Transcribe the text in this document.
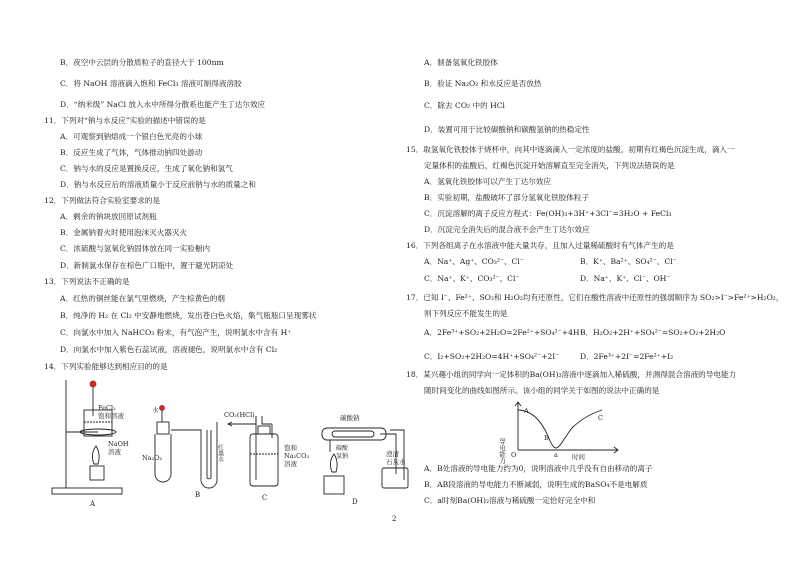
B．夜空中云层的分散质粒子的直径大于 100nm
C．将 NaOH 溶液滴入饱和 FeCl₃ 溶液可制得液溶胶
D．“纳米级” NaCl 放入水中所得分散系也能产生丁达尔效应
11．下列对“钠与水反应”实验的描述中错误的是
A．可观察到钠熔成一个银白色光亮的小球
B．反应生成了气体，气体推动钠四处游动
C．钠与水的反应是置换反应，生成了氧化钠和氢气
D．钠与水反应后的溶液质量小于反应前钠与水的质量之和
12．下列做法符合实验室要求的是
A．剩余的钠块放回原试剂瓶
B．金属钠着火时使用泡沫灭火器灭火
C．浓硫酸与氢氧化钠固体放在同一实验橱内
D．新制氯水保存在棕色广口瓶中，置于避光阴凉处
13．下列说法不正确的是
A．红热的铜丝能在氯气里燃烧，产生棕黄色的烟
B．纯净的 H₂ 在 Cl₂ 中安静地燃烧，发出苍白色火焰，集气瓶瓶口呈现雾状
C．向氯水中加入 NaHCO₃ 粉末，有气泡产生，说明氯水中含有 H⁺
D．向氯水中加入紫色石蕊试液，溶液褪色，说明氯水中含有 Cl₂
14．下列实验能够达到相应目的的是
FeCl₃
饱和溶液
NaOH
溶液
A
水
Na₂O₂	红墨水
B
CO₂(HCl)
饱和
Na₂CO₃
溶液
C
碳酸钠
碳酸
氢钠	澄清
石灰水
D
A．制备氢氧化铁胶体
B．验证 Na₂O₂ 和水反应是否放热
C．除去 CO₂ 中的 HCl
D．装置可用于比较碳酸钠和碳酸氢钠的热稳定性
15．取氢氧化铁胶体于烧杯中，向其中逐滴滴入一定浓度的盐酸，初期有红褐色沉淀生成，滴入一
定量体积的盐酸后，红褐色沉淀开始溶解直至完全消失，下列说法错误的是
A．氢氧化铁胶体可以产生丁达尔效应
B．实验初期，盐酸破坏了部分氢氧化铁胶体粒子
C．沉淀溶解的离子反应方程式：Fe(OH)₃+3H⁺+3Cl⁻=3H₂O + FeCl₃
D．沉淀完全消失后的混合液不会产生丁达尔效应
16．下列各组离子在水溶液中能大量共存，且加入过量稀硫酸时有气体产生的是
A．Na⁺、Ag⁺、CO₃²⁻、Cl⁻	B．K⁺、Ba²⁺、SO₄²⁻、Cl⁻
C．Na⁺、K⁺、CO₃²⁻、Cl⁻	D．Na⁺、K⁺、Cl⁻、OH⁻
17．已知 I⁻、Fe²⁺、SO₂和 H₂O₂均有还原性，它们在酸性溶液中还原性的强弱顺序为 SO₂>I⁻>Fe²⁺>H₂O₂，
则下列反应不能发生的是
A．2Fe³⁺+SO₂+2H₂O=2Fe²⁺+SO₄²⁻+4H⁺
B．H₂O₂+2H⁺+SO₄²⁻=SO₂+O₂+2H₂O
C．I₂+SO₂+2H₂O=4H⁺+SO₄²⁻+2I⁻	D．2Fe³⁺+2I⁻=2Fe²⁺+I₂
18．某兴趣小组的同学向一定体积的Ba(OH)₂溶液中逐滴加入稀硫酸，并测得混合溶液的导电能力
随时间变化的曲线如图所示。该小组的同学关于如图的说法中正确的是
导电能力	时间
O
A
B
C
a
A．B处溶液的导电能力约为0，说明溶液中几乎没有自由移动的离子
B．AB段溶液的导电能力不断减弱，说明生成的BaSO₄不是电解质
C．a时刻Ba(OH)₂溶液与稀硫酸一定恰好完全中和
2
